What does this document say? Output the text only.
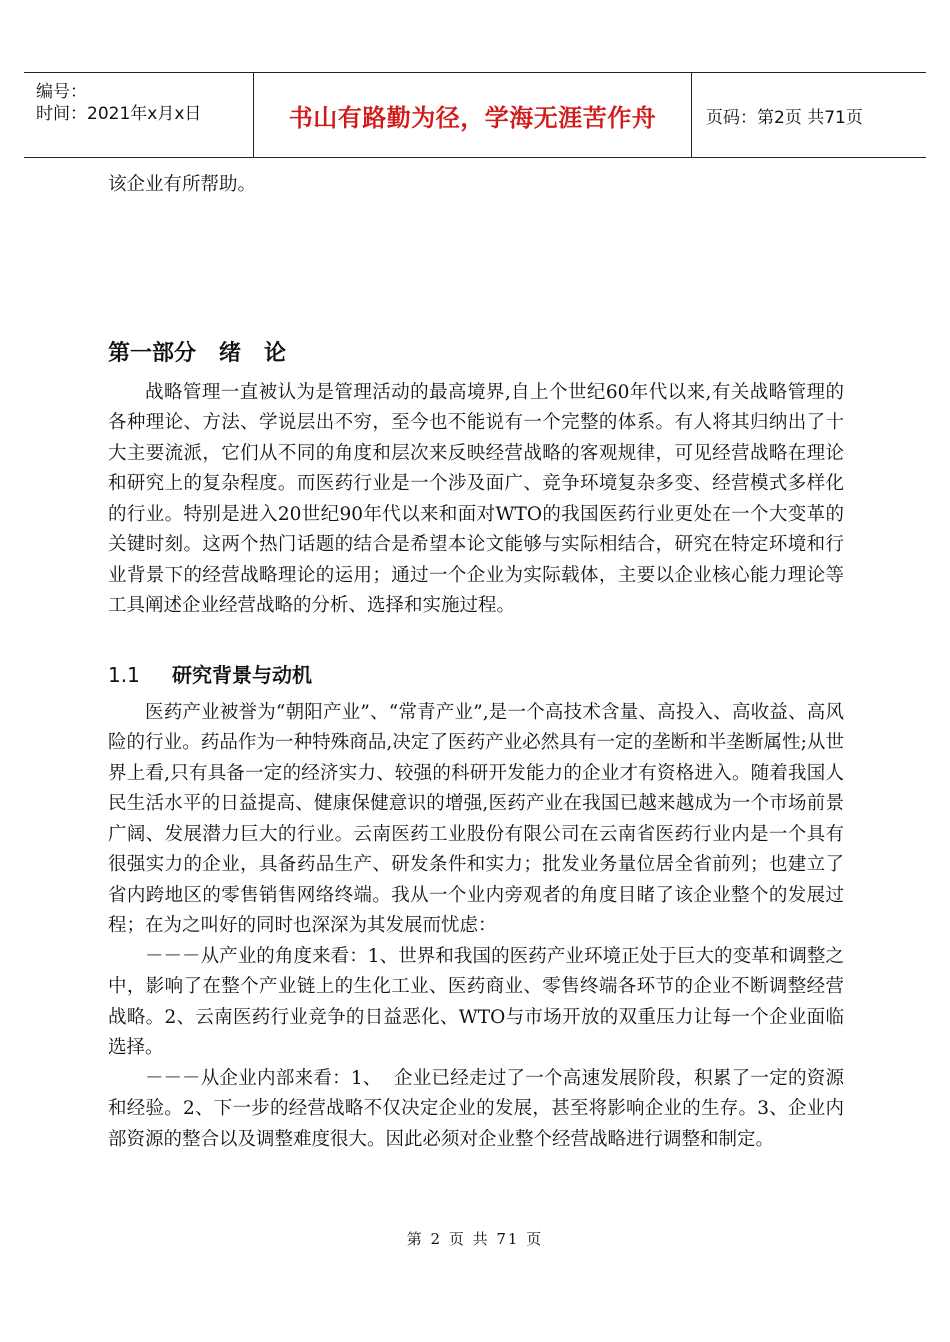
编号：
时间：2021年x月x日	书山有路勤为径，学海无涯苦作舟	页码：第2页 共71页

该企业有所帮助。

第一部分   绪   论

战略管理一直被认为是管理活动的最高境界,自上个世纪60年代以来,有关战略管理的各种理论、方法、学说层出不穷，至今也不能说有一个完整的体系。有人将其归纳出了十大主要流派，它们从不同的角度和层次来反映经营战略的客观规律，可见经营战略在理论和研究上的复杂程度。而医药行业是一个涉及面广、竞争环境复杂多变、经营模式多样化的行业。特别是进入20世纪90年代以来和面对WTO的我国医药行业更处在一个大变革的关键时刻。这两个热门话题的结合是希望本论文能够与实际相结合，研究在特定环境和行业背景下的经营战略理论的运用；通过一个企业为实际载体，主要以企业核心能力理论等工具阐述企业经营战略的分析、选择和实施过程。

1.1 研究背景与动机

医药产业被誉为“朝阳产业”、“常青产业”,是一个高技术含量、高投入、高收益、高风险的行业。药品作为一种特殊商品,决定了医药产业必然具有一定的垄断和半垄断属性;从世界上看,只有具备一定的经济实力、较强的科研开发能力的企业才有资格进入。随着我国人民生活水平的日益提高、健康保健意识的增强,医药产业在我国已越来越成为一个市场前景广阔、发展潜力巨大的行业。云南医药工业股份有限公司在云南省医药行业内是一个具有很强实力的企业，具备药品生产、研发条件和实力；批发业务量位居全省前列；也建立了省内跨地区的零售销售网络终端。我从一个业内旁观者的角度目睹了该企业整个的发展过程；在为之叫好的同时也深深为其发展而忧虑：

－－－从产业的角度来看：1、世界和我国的医药产业环境正处于巨大的变革和调整之中，影响了在整个产业链上的生化工业、医药商业、零售终端各环节的企业不断调整经营战略。2、云南医药行业竞争的日益恶化、WTO与市场开放的双重压力让每一个企业面临选择。

－－－从企业内部来看：1、  企业已经走过了一个高速发展阶段，积累了一定的资源和经验。2、下一步的经营战略不仅决定企业的发展，甚至将影响企业的生存。3、企业内部资源的整合以及调整难度很大。因此必须对企业整个经营战略进行调整和制定。

第 2 页 共 71 页
